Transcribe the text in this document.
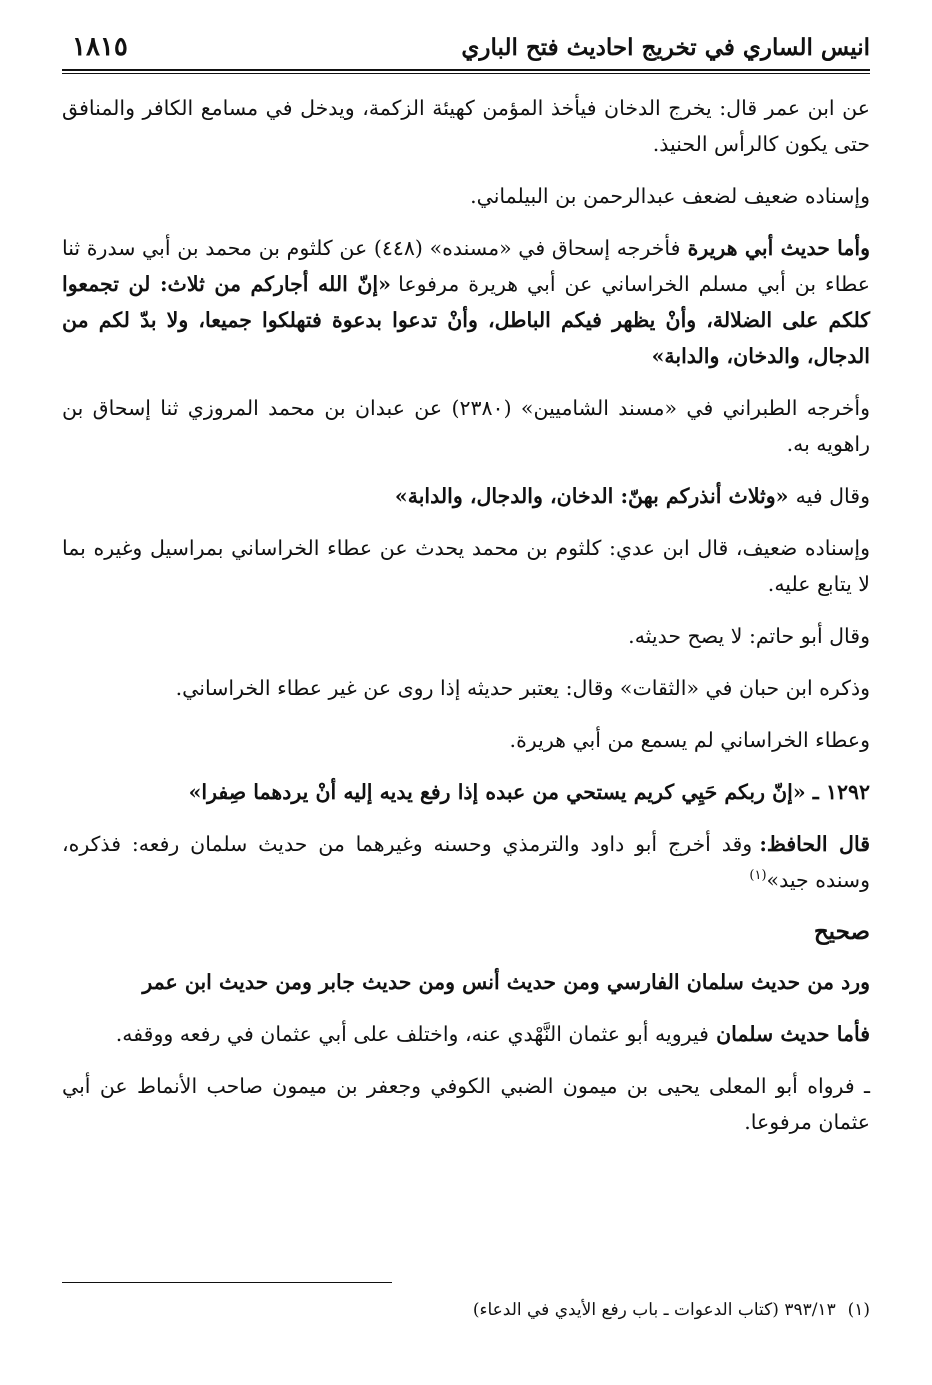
انيس الساري في تخريج احاديث فتح الباري
١٨١٥

عن ابن عمر قال: يخرج الدخان فيأخذ المؤمن كهيئة الزكمة، ويدخل في مسامع الكافر والمنافق حتى يكون كالرأس الحنيذ.

وإسناده ضعيف لضعف عبدالرحمن بن البيلماني.

وأما حديث أبي هريرةفأخرجه إسحاق في «مسنده» (٤٤٨) عن كلثوم بن محمد بن أبي سدرة ثنا عطاء بن أبي مسلم الخراساني عن أبي هريرة مرفوعا«إنّ الله أجاركم من ثلاث: لن تجمعوا كلكم على الضلالة، وأنْ يظهر فيكم الباطل، وأنْ تدعوا بدعوة فتهلكوا جميعا، ولا بدّ لكم من الدجال، والدخان، والدابة»

وأخرجه الطبراني في «مسند الشاميين» (٢٣٨٠) عن عبدان بن محمد المروزي ثنا إسحاق بن راهويه به.

وقال فيه«وثلاث أنذركم بهنّ: الدخان، والدجال، والدابة»

وإسناده ضعيف، قال ابن عدي: كلثوم بن محمد يحدث عن عطاء الخراساني بمراسيل وغيره بما لا يتابع عليه.

وقال أبو حاتم: لا يصح حديثه.

وذكره ابن حبان في «الثقات» وقال: يعتبر حديثه إذا روى عن غير عطاء الخراساني.

وعطاء الخراساني لم يسمع من أبي هريرة.

١٢٩٢ ـ «إنّ ربكم حَيِي كريم يستحي من عبده إذا رفع يديه إليه أنْ يردهما صِفرا»

قال الحافظ:وقد أخرج أبو داود والترمذي وحسنه وغيرهما من حديث سلمان رفعه: فذكره، وسنده جيد»$^{(١)}$

صحيح

ورد من حديث سلمان الفارسي ومن حديث أنس ومن حديث جابر ومن حديث ابن عمر

فأما حديث سلمانفيرويه أبو عثمان النَّهْدي عنه، واختلف على أبي عثمان في رفعه ووقفه.

ـ فرواه أبو المعلى يحيى بن ميمون الضبي الكوفي وجعفر بن ميمون صاحب الأنماط عن أبي عثمان مرفوعا.

(١)٣٩٣/١٣ (كتاب الدعوات ـ باب رفع الأيدي في الدعاء)
